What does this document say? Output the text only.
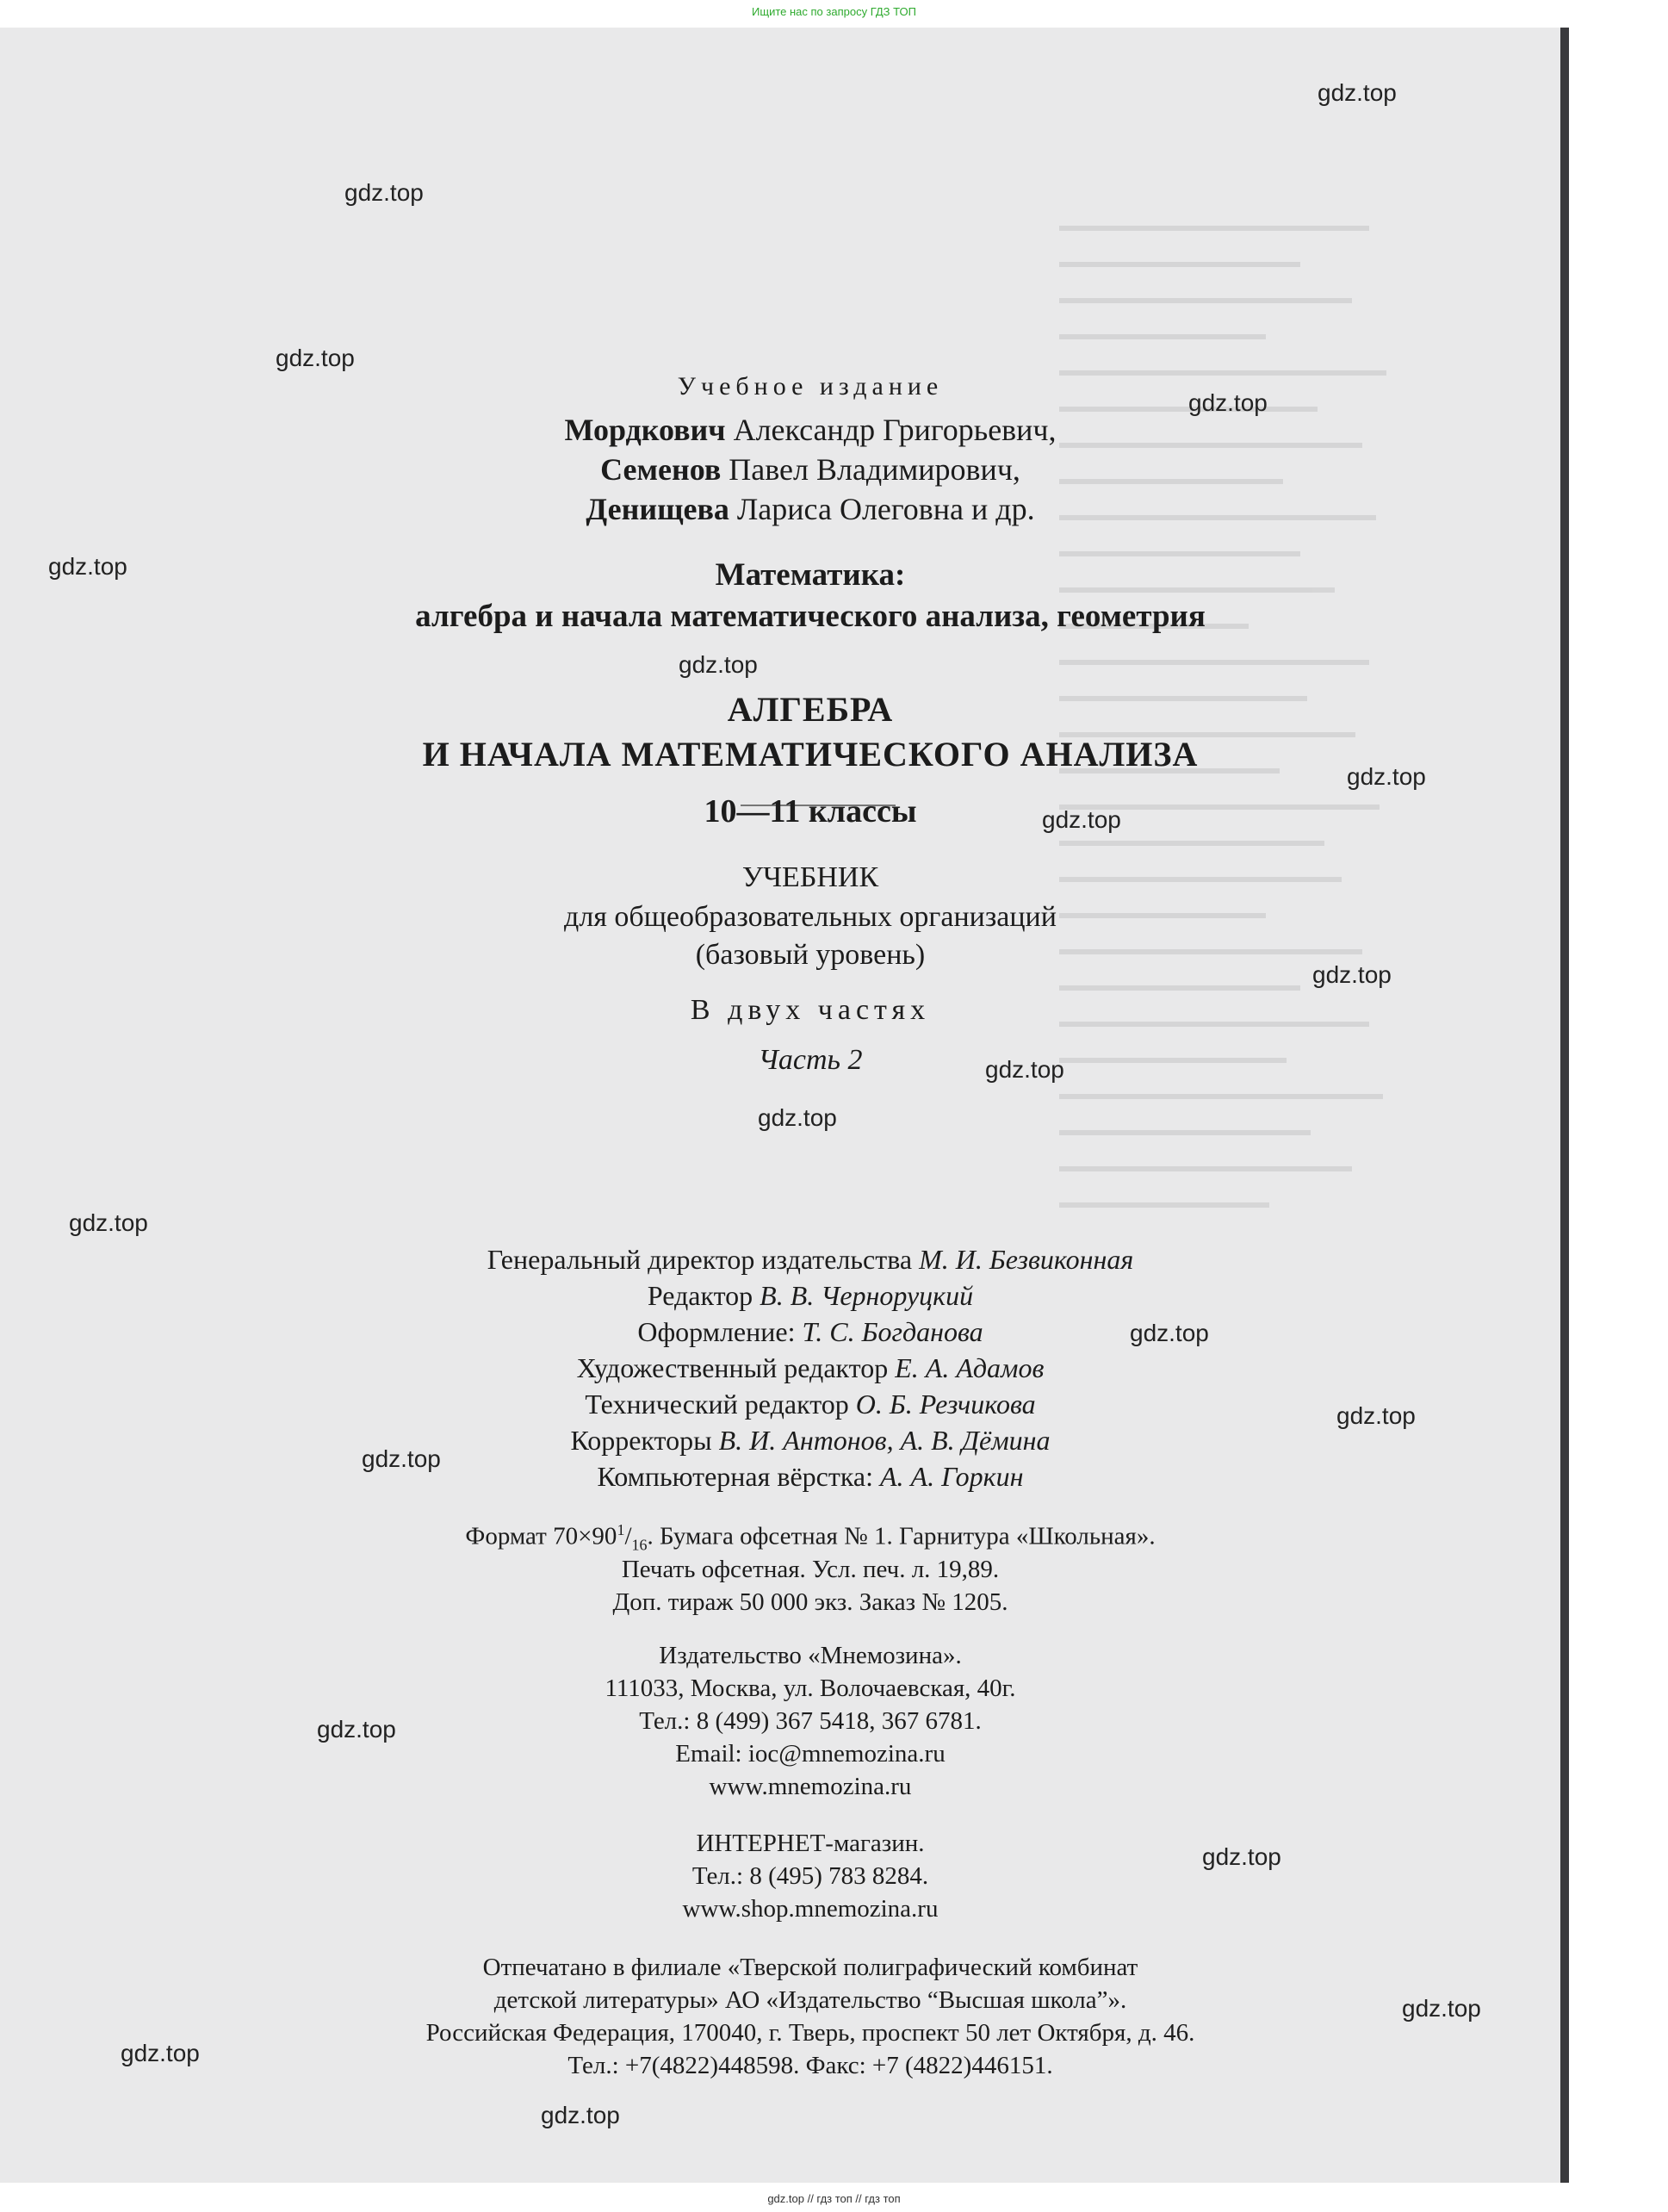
Ищите нас по запросу ГДЗ ТОП
Учебное издание
Мордкович Александр Григорьевич,
Семенов Павел Владимирович,
Денищева Лариса Олеговна и др.
Математика:
алгебра и начала математического анализа, геометрия
АЛГЕБРА
И НАЧАЛА МАТЕМАТИЧЕСКОГО АНАЛИЗА
10—11 классы
УЧЕБНИК
для общеобразовательных организаций
(базовый уровень)
В двух частях
Часть 2
Генеральный директор издательства М. И. Безвиконная
Редактор В. В. Черноруцкий
Оформление: Т. С. Богданова
Художественный редактор Е. А. Адамов
Технический редактор О. Б. Резчикова
Корректоры В. И. Антонов, А. В. Дёмина
Компьютерная вёрстка: А. А. Горкин
Формат $70\times 90^1/_{16}$. Бумага офсетная № 1. Гарнитура «Школьная».
Печать офсетная. Усл. печ. л. 19,89.
Доп. тираж 50 000 экз. Заказ № 1205.
Издательство «Мнемозина».
111033, Москва, ул. Волочаевская, 40г.
Тел.: 8 (499) 367 5418, 367 6781.
Email: ioc@mnemozina.ru
www.mnemozina.ru
ИНТЕРНЕТ-магазин.
Тел.: 8 (495) 783 8284.
www.shop.mnemozina.ru
Отпечатано в филиале «Тверской полиграфический комбинат
детской литературы» АО «Издательство “Высшая школа”».
Российская Федерация, 170040, г. Тверь, проспект 50 лет Октября, д. 46.
Тел.: +7(4822)448598. Факс: +7 (4822)446151.
gdz.top
gdz.top
gdz.top
gdz.top
gdz.top
gdz.top
gdz.top
gdz.top
gdz.top
gdz.top
gdz.top
gdz.top
gdz.top
gdz.top
gdz.top
gdz.top
gdz.top
gdz.top
gdz.top
gdz.top
gdz.top // гдз топ // гдз топ
